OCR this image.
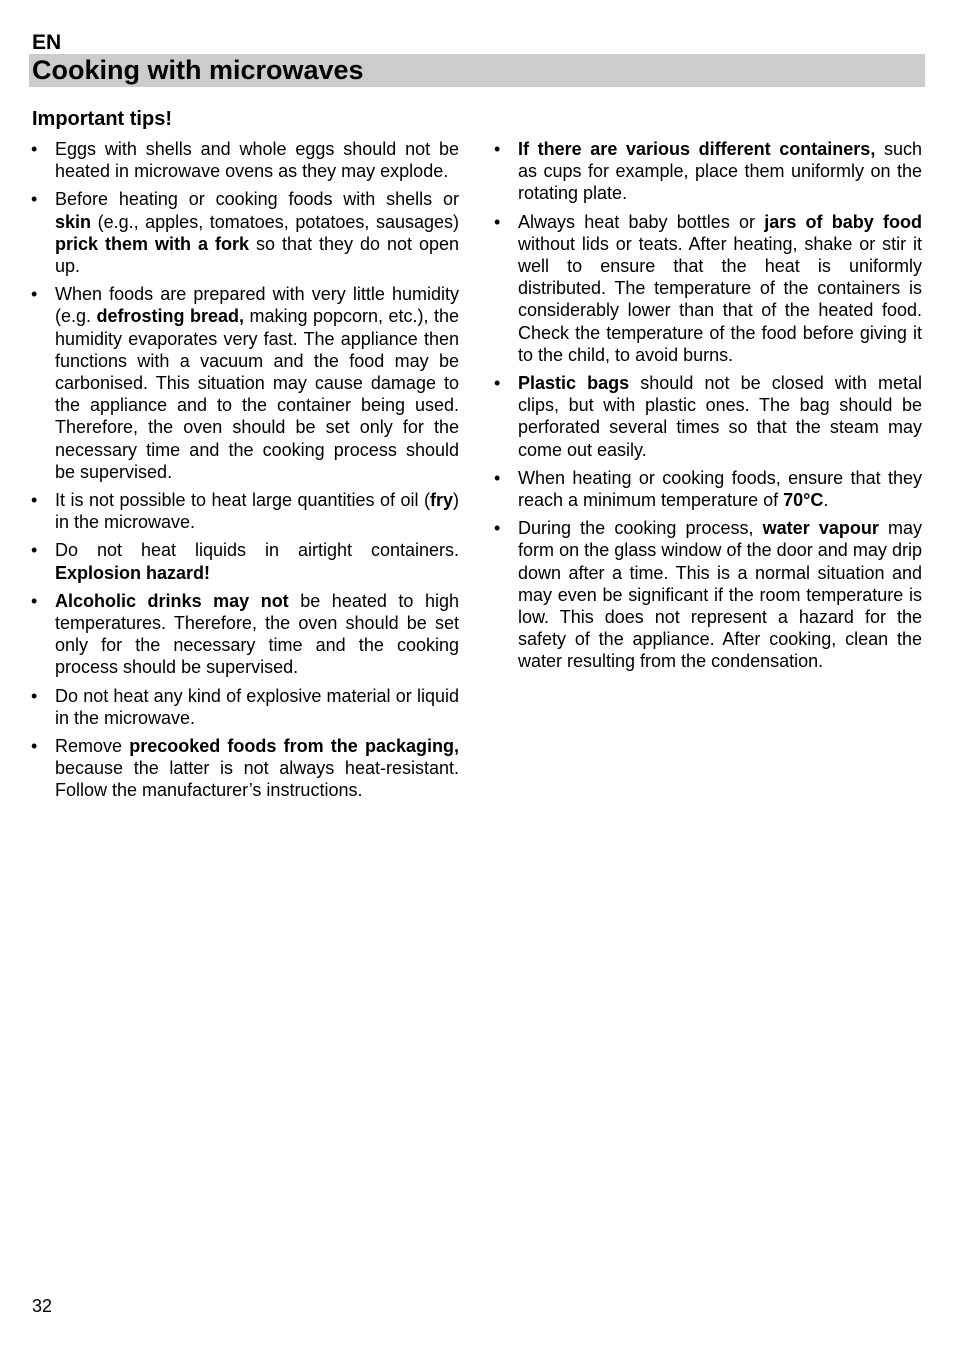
EN
Cooking with microwaves
Important tips!
• Eggs with shells and whole eggs should not be heated in microwave ovens as they may explode.
• Before heating or cooking foods with shells or skin (e.g., apples, tomatoes, potatoes, sausages) prick them with a fork so that they do not open up.
• When foods are prepared with very little humidity (e.g. defrosting bread, making popcorn, etc.), the humidity evaporates very fast. The appliance then functions with a vacuum and the food may be carbonised. This situation may cause damage to the appliance and to the container being used. Therefore, the oven should be set only for the necessary time and the cooking process should be supervised.
• It is not possible to heat large quantities of oil (fry) in the microwave.
• Do not heat liquids in airtight containers. Explosion hazard!
• Alcoholic drinks may not be heated to high temperatures. Therefore, the oven should be set only for the necessary time and the cooking process should be supervised.
• Do not heat any kind of explosive material or liquid in the microwave.
• Remove precooked foods from the packaging, because the latter is not always heat-resistant. Follow the manufacturer’s instructions.
• If there are various different containers, such as cups for example, place them uniformly on the rotating plate.
• Always heat baby bottles or jars of baby food without lids or teats. After heating, shake or stir it well to ensure that the heat is uniformly distributed. The temperature of the containers is considerably lower than that of the heated food. Check the temperature of the food before giving it to the child, to avoid burns.
• Plastic bags should not be closed with metal clips, but with plastic ones. The bag should be perforated several times so that the steam may come out easily.
• When heating or cooking foods, ensure that they reach a minimum temperature of 70°C.
• During the cooking process, water vapour may form on the glass window of the door and may drip down after a time. This is a normal situation and may even be significant if the room temperature is low. This does not represent a hazard for the safety of the appliance. After cooking, clean the water resulting from the condensation.
32
